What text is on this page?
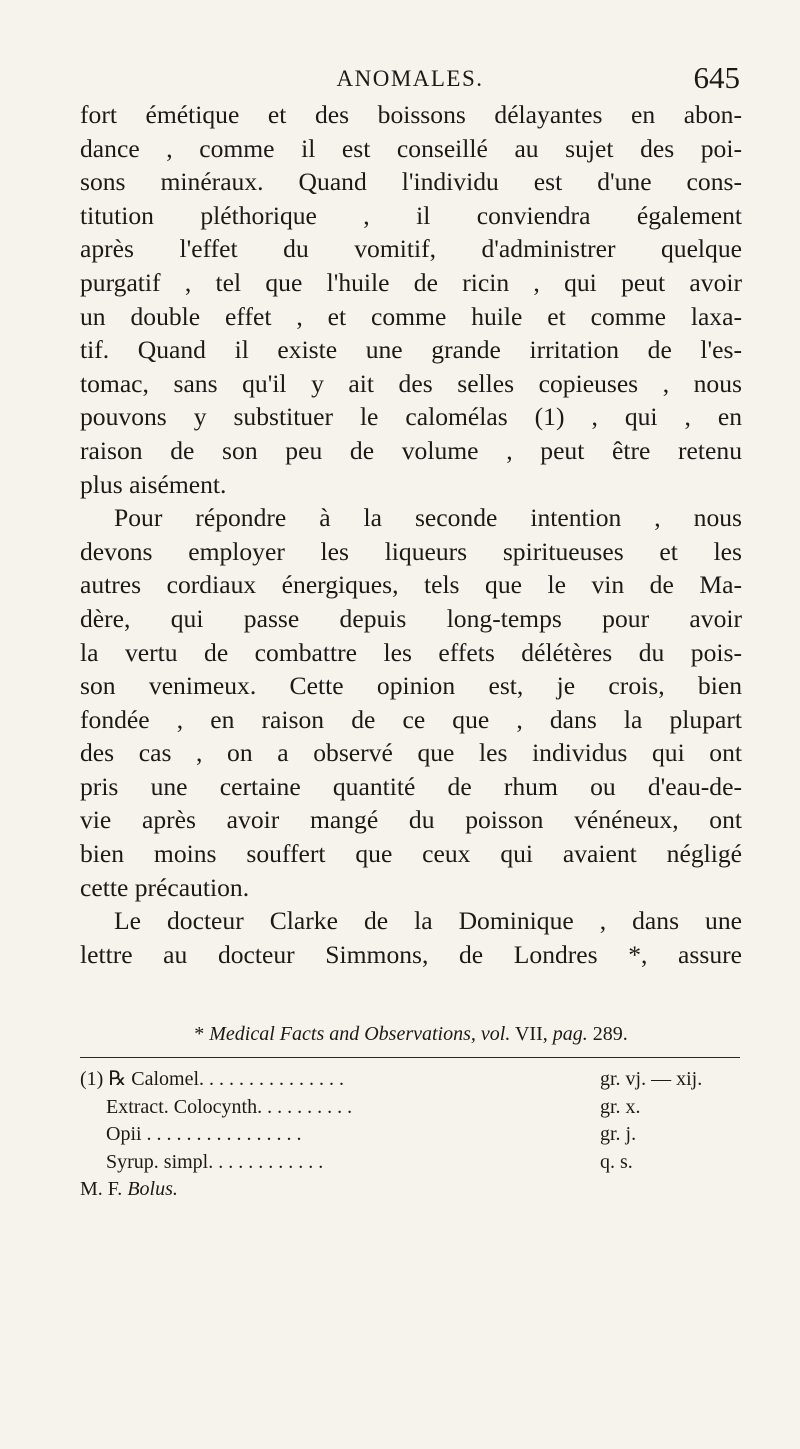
ANOMALES.	645
fort émétique et des boissons délayantes en abon-
dance , comme il est conseillé au sujet des poi-
sons minéraux. Quand l'individu est d'une cons-
titution pléthorique , il conviendra également
après l'effet du vomitif, d'administrer quelque
purgatif , tel que l'huile de ricin , qui peut avoir
un double effet , et comme huile et comme laxa-
tif. Quand il existe une grande irritation de l'es-
tomac, sans qu'il y ait des selles copieuses , nous
pouvons y substituer le calomélas (1) , qui , en
raison de son peu de volume , peut être retenu
plus aisément.
Pour répondre à la seconde intention , nous
devons employer les liqueurs spiritueuses et les
autres cordiaux énergiques, tels que le vin de Ma-
dère, qui passe depuis long-temps pour avoir
la vertu de combattre les effets délétères du pois-
son venimeux. Cette opinion est, je crois, bien
fondée , en raison de ce que , dans la plupart
des cas , on a observé que les individus qui ont
pris une certaine quantité de rhum ou d'eau-de-
vie après avoir mangé du poisson vénéneux, ont
bien moins souffert que ceux qui avaient négligé
cette précaution.
Le docteur Clarke de la Dominique , dans une
lettre au docteur Simmons, de Londres *, assure
* Medical Facts and Observations, vol. VII, pag. 289.
(1) ℞ Calomel. . . . . . . . . . . . . . .	gr. vj. — xij.
Extract. Colocynth. . . . . . . . . .	gr. x.
Opii . . . . . . . . . . . . . . . .	gr. j.
Syrup. simpl. . . . . . . . . . . .	q. s.
M. F. Bolus.
